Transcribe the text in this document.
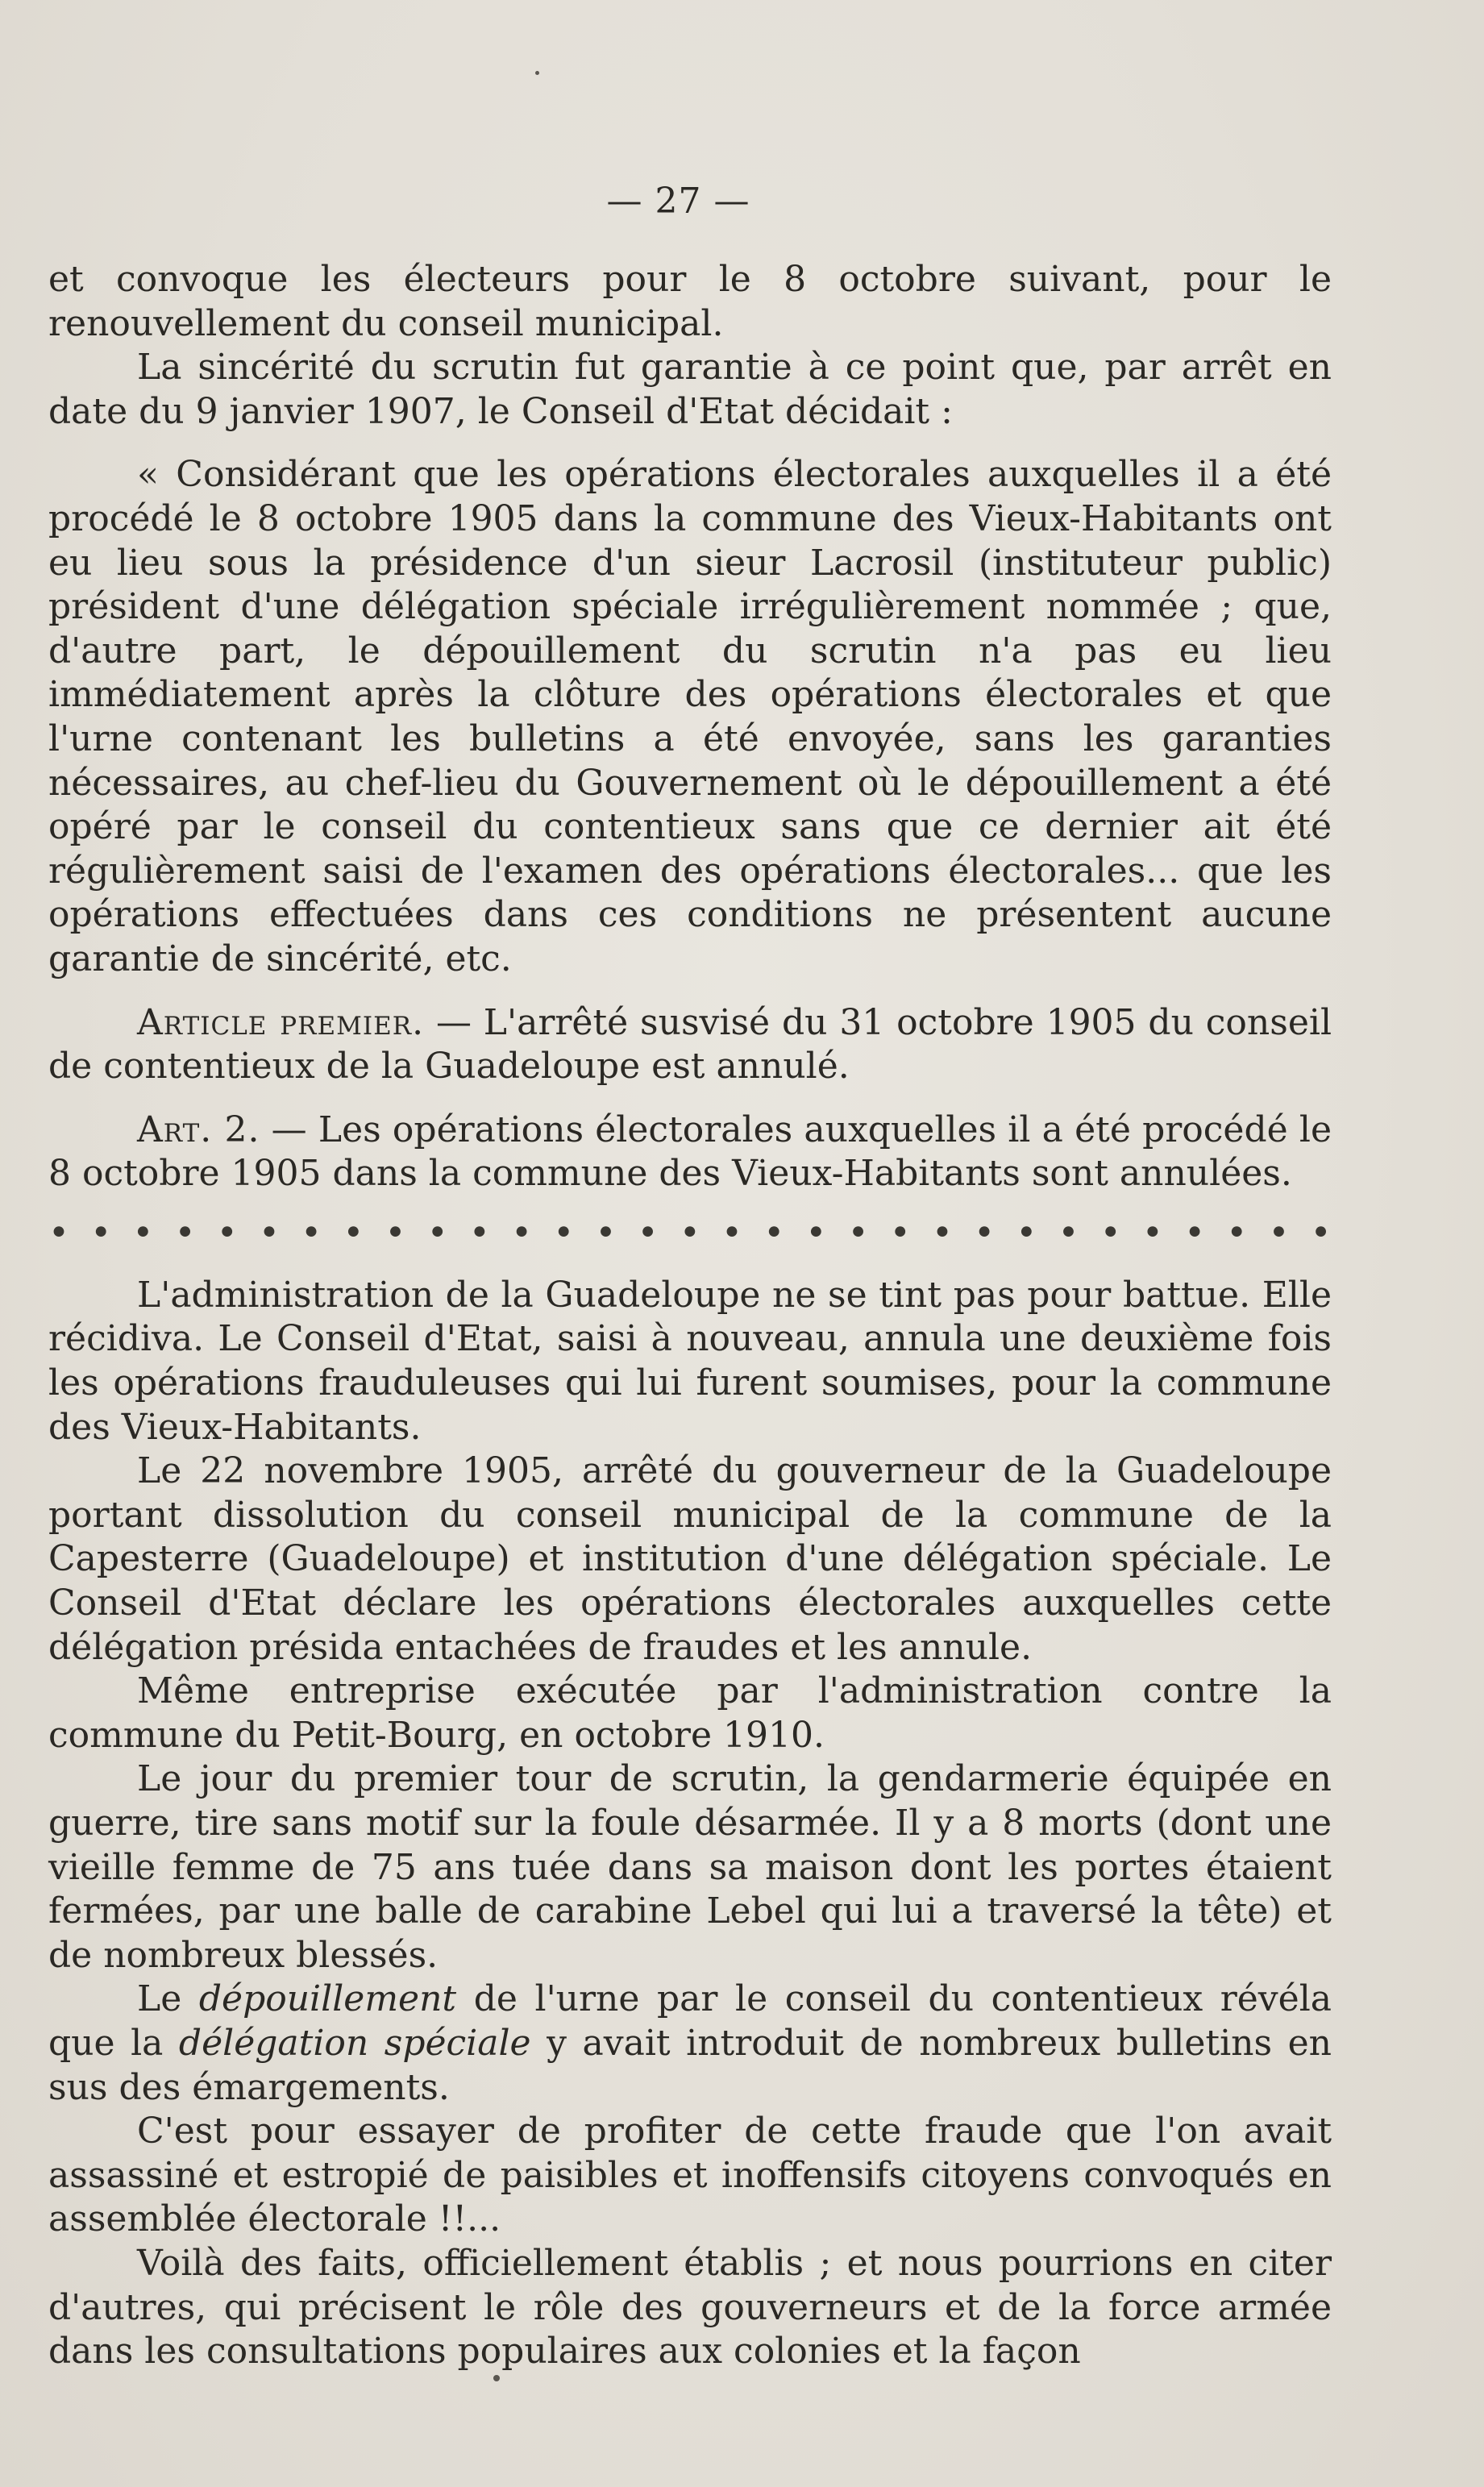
— 27 —

et convoque les électeurs pour le 8 octobre suivant, pour le renouvellement du conseil municipal.

La sincérité du scrutin fut garantie à ce point que, par arrêt en date du 9 janvier 1907, le Conseil d'Etat décidait :

« Considérant que les opérations électorales auxquelles il a été procédé le 8 octobre 1905 dans la commune des Vieux-Habitants ont eu lieu sous la présidence d'un sieur Lacrosil (instituteur public) président d'une délégation spéciale irrégulièrement nommée ; que, d'autre part, le dépouillement du scrutin n'a pas eu lieu immédiatement après la clôture des opérations électorales et que l'urne contenant les bulletins a été envoyée, sans les garanties nécessaires, au chef-lieu du Gouvernement où le dépouillement a été opéré par le conseil du contentieux sans que ce dernier ait été régulièrement saisi de l'examen des opérations électorales... que les opérations effectuées dans ces conditions ne présentent aucune garantie de sincérité, etc.

Article premier. — L'arrêté susvisé du 31 octobre 1905 du conseil de contentieux de la Guadeloupe est annulé.

Art. 2. — Les opérations électorales auxquelles il a été procédé le 8 octobre 1905 dans la commune des Vieux-Habitants sont annulées.

• • • • • • • • • • • • • • • • • • • • • • • • • • • • • • •

L'administration de la Guadeloupe ne se tint pas pour battue. Elle récidiva. Le Conseil d'Etat, saisi à nouveau, annula une deuxième fois les opérations frauduleuses qui lui furent soumises, pour la commune des Vieux-Habitants.

Le 22 novembre 1905, arrêté du gouverneur de la Guadeloupe portant dissolution du conseil municipal de la commune de la Capesterre (Guadeloupe) et institution d'une délégation spéciale. Le Conseil d'Etat déclare les opérations électorales auxquelles cette délégation présida entachées de fraudes et les annule.

Même entreprise exécutée par l'administration contre la commune du Petit-Bourg, en octobre 1910.

Le jour du premier tour de scrutin, la gendarmerie équipée en guerre, tire sans motif sur la foule désarmée. Il y a 8 morts (dont une vieille femme de 75 ans tuée dans sa maison dont les portes étaient fermées, par une balle de carabine Lebel qui lui a traversé la tête) et de nombreux blessés.

Le dépouillement de l'urne par le conseil du contentieux révéla que la délégation spéciale y avait introduit de nombreux bulletins en sus des émargements.

C'est pour essayer de profiter de cette fraude que l'on avait assassiné et estropié de paisibles et inoffensifs citoyens convoqués en assemblée électorale !!...

Voilà des faits, officiellement établis ; et nous pourrions en citer d'autres, qui précisent le rôle des gouverneurs et de la force armée dans les consultations populaires aux colonies et la façon
